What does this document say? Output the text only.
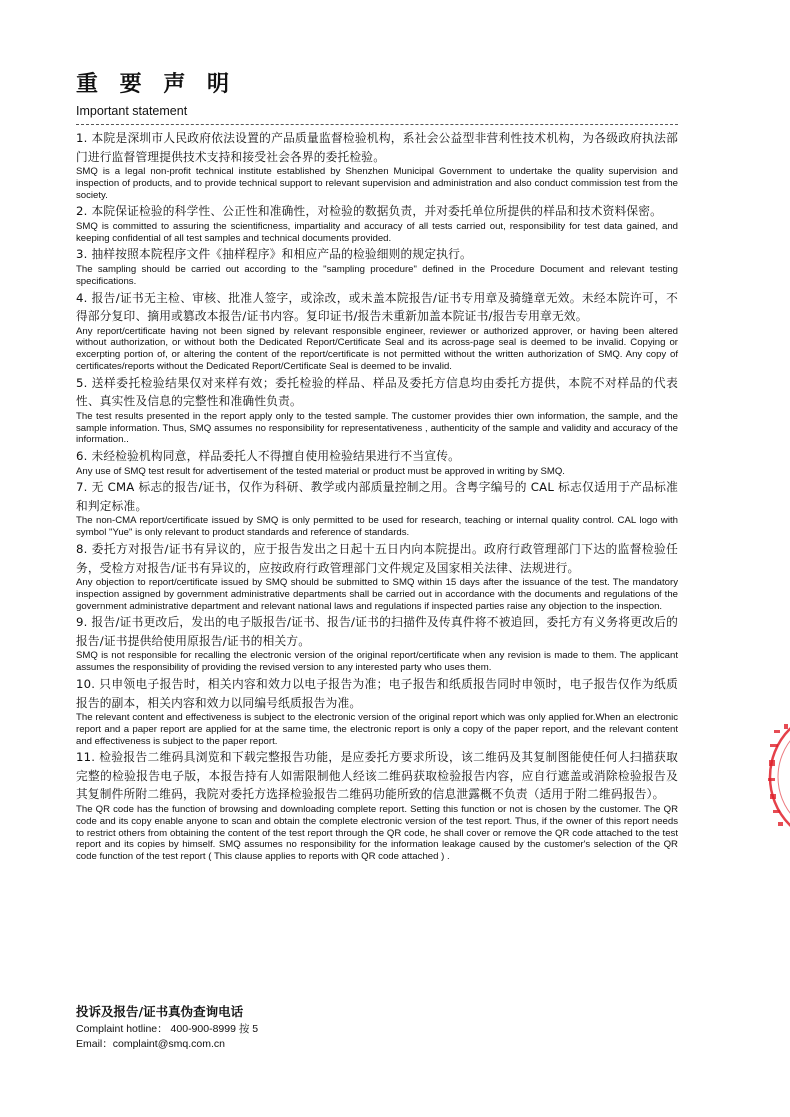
重 要 声 明

Important statement

1. 本院是深圳市人民政府依法设置的产品质量监督检验机构，系社会公益型非营利性技术机构，为各级政府执法部门进行监督管理提供技术支持和接受社会各界的委托检验。

SMQ is a legal non-profit technical institute established by Shenzhen Municipal Government to undertake the quality supervision and inspection of products, and to provide technical support to relevant supervision and administration and also conduct commission test from the society.

2. 本院保证检验的科学性、公正性和准确性，对检验的数据负责，并对委托单位所提供的样品和技术资料保密。

SMQ is committed to assuring the scientificness, impartiality and accuracy of all tests carried out, responsibility for test data gained, and keeping confidential of all test samples and technical documents provided.

3. 抽样按照本院程序文件《抽样程序》和相应产品的检验细则的规定执行。

The sampling should be carried out according to the "sampling procedure" defined in the Procedure Document and relevant testing specifications.

4. 报告/证书无主检、审核、批准人签字，或涂改，或未盖本院报告/证书专用章及骑缝章无效。未经本院许可，不得部分复印、摘用或篡改本报告/证书内容。复印证书/报告未重新加盖本院证书/报告专用章无效。

Any report/certificate having not been signed by relevant responsible engineer, reviewer or authorized approver, or having been altered without authorization, or without both the Dedicated Report/Certificate Seal and its across-page seal is deemed to be invalid. Copying or excerpting portion of, or altering the content of the report/certificate is not permitted without the written authorization of SMQ. Any copy of certificates/reports without the Dedicated Report/Certificate Seal is deemed to be invalid.

5. 送样委托检验结果仅对来样有效；委托检验的样品、样品及委托方信息均由委托方提供，本院不对样品的代表性、真实性及信息的完整性和准确性负责。

The test results presented in the report apply only to the tested sample. The customer provides thier own information, the sample, and the sample information. Thus, SMQ assumes no responsibility for representativeness , authenticity of the sample and validity and accuracy of the information..

6. 未经检验机构同意，样品委托人不得擅自使用检验结果进行不当宣传。

Any use of SMQ test result for advertisement of the tested material or product must be approved in writing by SMQ.

7. 无 CMA 标志的报告/证书，仅作为科研、教学或内部质量控制之用。含粤字编号的 CAL 标志仅适用于产品标准和判定标准。

The non-CMA report/certificate issued by SMQ is only permitted to be used for research, teaching or internal quality control. CAL logo with symbol "Yue" is only relevant to product standards and reference of standards.

8. 委托方对报告/证书有异议的，应于报告发出之日起十五日内向本院提出。政府行政管理部门下达的监督检验任务，受检方对报告/证书有异议的，应按政府行政管理部门文件规定及国家相关法律、法规进行。

Any objection to report/certificate issued by SMQ should be submitted to SMQ within 15 days after the issuance of the test. The mandatory inspection assigned by government administrative departments shall be carried out in accordance with the documents and regulations of the government administrative department and relevant national laws and regulations if inspected parties raise any objection to the inspection.

9. 报告/证书更改后，发出的电子版报告/证书、报告/证书的扫描件及传真件将不被追回，委托方有义务将更改后的报告/证书提供给使用原报告/证书的相关方。

SMQ is not responsible for recalling the electronic version of the original report/certificate when any revision is made to them. The applicant assumes the responsibility of providing the revised version to any interested party who uses them.

10. 只申领电子报告时，相关内容和效力以电子报告为准；电子报告和纸质报告同时申领时，电子报告仅作为纸质报告的副本，相关内容和效力以同编号纸质报告为准。

The relevant content and effectiveness is subject to the electronic version of the original report which was only applied for.When an electronic report and a paper report are applied for at the same time, the electronic report is only a copy of the paper report, and the relevant content and effectiveness is subject to the paper report.

11. 检验报告二维码具浏览和下载完整报告功能，是应委托方要求所设，该二维码及其复制图能使任何人扫描获取完整的检验报告电子版，本报告持有人如需限制他人经该二维码获取检验报告内容，应自行遮盖或消除检验报告及其复制件所附二维码，我院对委托方选择检验报告二维码功能所致的信息泄露概不负责（适用于附二维码报告）。

The QR code has the function of browsing and downloading complete report. Setting this function or not is chosen by the customer. The QR code and its copy enable anyone to scan and obtain the complete electronic version of the test report. Thus, if the owner of this report needs to restrict others from obtaining the content of the test report through the QR code, he shall cover or remove the QR code attached to the test report and its copies by himself. SMQ assumes no responsibility for the information leakage caused by the customer's selection of the QR code function of the test report ( This clause applies to reports with QR code attached ) .

投诉及报告/证书真伪查询电话

Complaint hotline： 400-900-8999 按 5

Email：complaint@smq.com.cn
